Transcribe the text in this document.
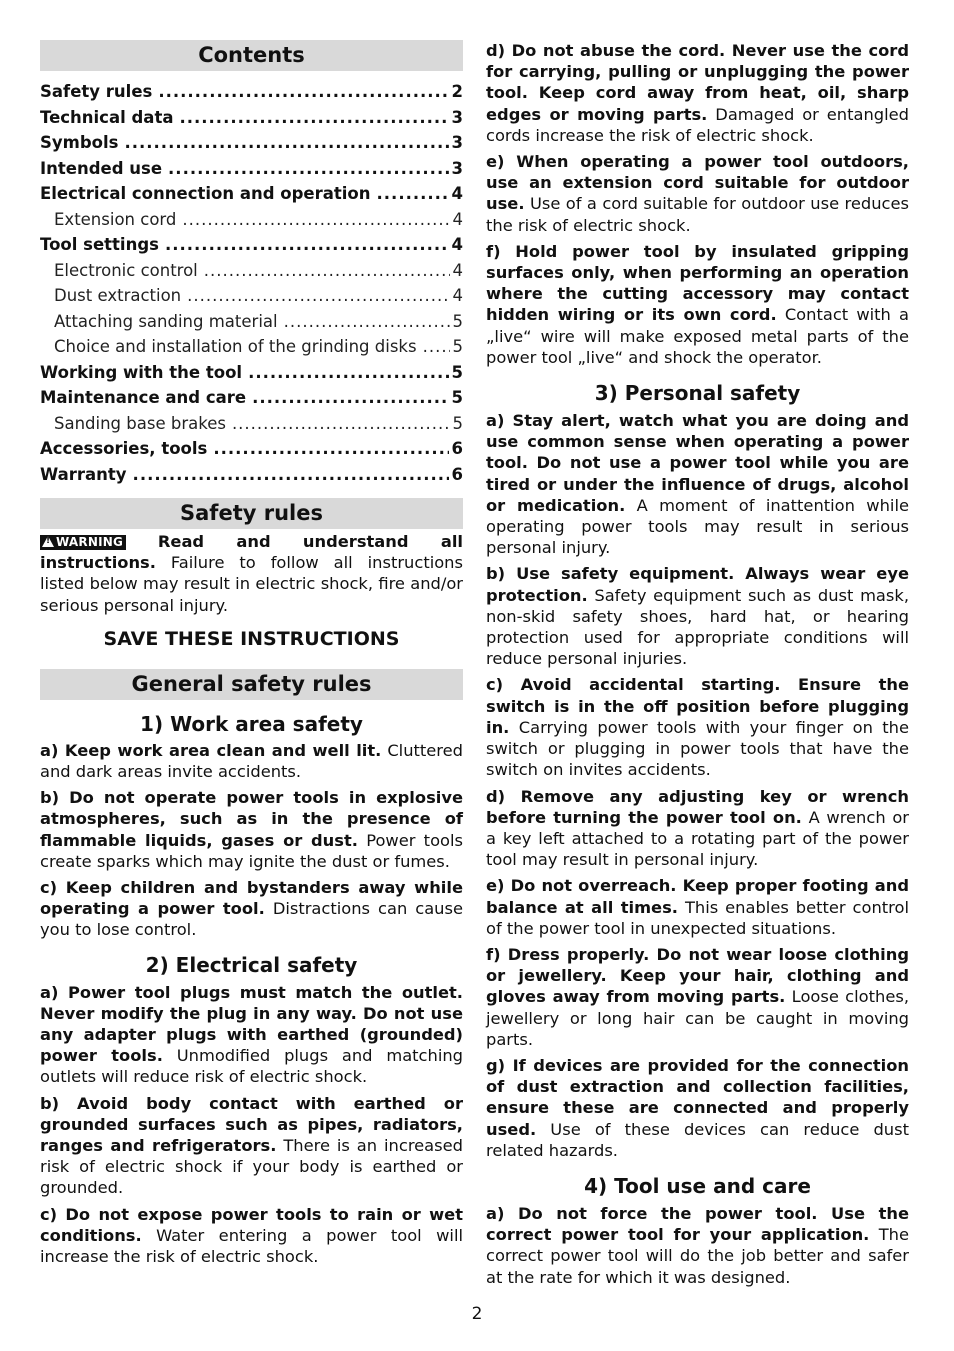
Contents
Safety rules .....	2
Technical data .....	3
Symbols .....	3
Intended use .....	3
Electrical connection and operation .....	4
Extension cord .....	4
Tool settings .....	4
Electronic control .....	4
Dust extraction .....	4
Attaching sanding material .....	5
Choice and installation of the grinding disks ..... 5
Working with the tool .....	5
Maintenance and care .....	5
Sanding base brakes .....	5
Accessories, tools .....	6
Warranty .....	6
Safety rules

!WARNING Read and understand all instructions. Failure to follow all instructions listed below may result in electric shock, fire and/or serious personal injury.

SAVE THESE INSTRUCTIONS
General safety rules
1) Work area safety

a) Keep work area clean and well lit. Cluttered and dark areas invite accidents.

b) Do not operate power tools in explosive atmospheres, such as in the presence of flammable liquids, gases or dust. Power tools create sparks which may ignite the dust or fumes.

c) Keep children and bystanders away while operating a power tool. Distractions can cause you to lose control.

2) Electrical safety

a) Power tool plugs must match the outlet. Never modify the plug in any way. Do not use any adapter plugs with earthed (grounded) power tools. Unmodified plugs and matching outlets will reduce risk of electric shock.

b) Avoid body contact with earthed or grounded surfaces such as pipes, radiators, ranges and refrigerators. There is an increased risk of electric shock if your body is earthed or grounded.

c) Do not expose power tools to rain or wet conditions. Water entering a power tool will increase the risk of electric shock.

d) Do not abuse the cord. Never use the cord for carrying, pulling or unplugging the power tool. Keep cord away from heat, oil, sharp edges or moving parts. Damaged or entangled cords increase the risk of electric shock.

e) When operating a power tool outdoors, use an extension cord suitable for outdoor use. Use of a cord suitable for outdoor use reduces the risk of electric shock.

f) Hold power tool by insulated gripping surfaces only, when performing an operation where the cutting accessory may contact hidden wiring or its own cord. Contact with a „live“ wire will make exposed metal parts of the power tool „live“ and shock the operator.

3) Personal safety

a) Stay alert, watch what you are doing and use common sense when operating a power tool. Do not use a power tool while you are tired or under the influence of drugs, alcohol or medication. A moment of inattention while operating power tools may result in serious personal injury.

b) Use safety equipment. Always wear eye protection. Safety equipment such as dust mask, non-skid safety shoes, hard hat, or hearing protection used for appropriate conditions will reduce personal injuries.

c) Avoid accidental starting. Ensure the switch is in the off position before plugging in. Carrying power tools with your finger on the switch or plugging in power tools that have the switch on invites accidents.

d) Remove any adjusting key or wrench before turning the power tool on. A wrench or a key left attached to a rotating part of the power tool may result in personal injury.

e) Do not overreach. Keep proper footing and balance at all times. This enables better control of the power tool in unexpected situations.

f) Dress properly. Do not wear loose clothing or jewellery. Keep your hair, clothing and gloves away from moving parts. Loose clothes, jewellery or long hair can be caught in moving parts.

g) If devices are provided for the connection of dust extraction and collection facilities, ensure these are connected and properly used. Use of these devices can reduce dust related hazards.

4) Tool use and care

a) Do not force the power tool. Use the correct power tool for your application. The correct power tool will do the job better and safer at the rate for which it was designed.

2
